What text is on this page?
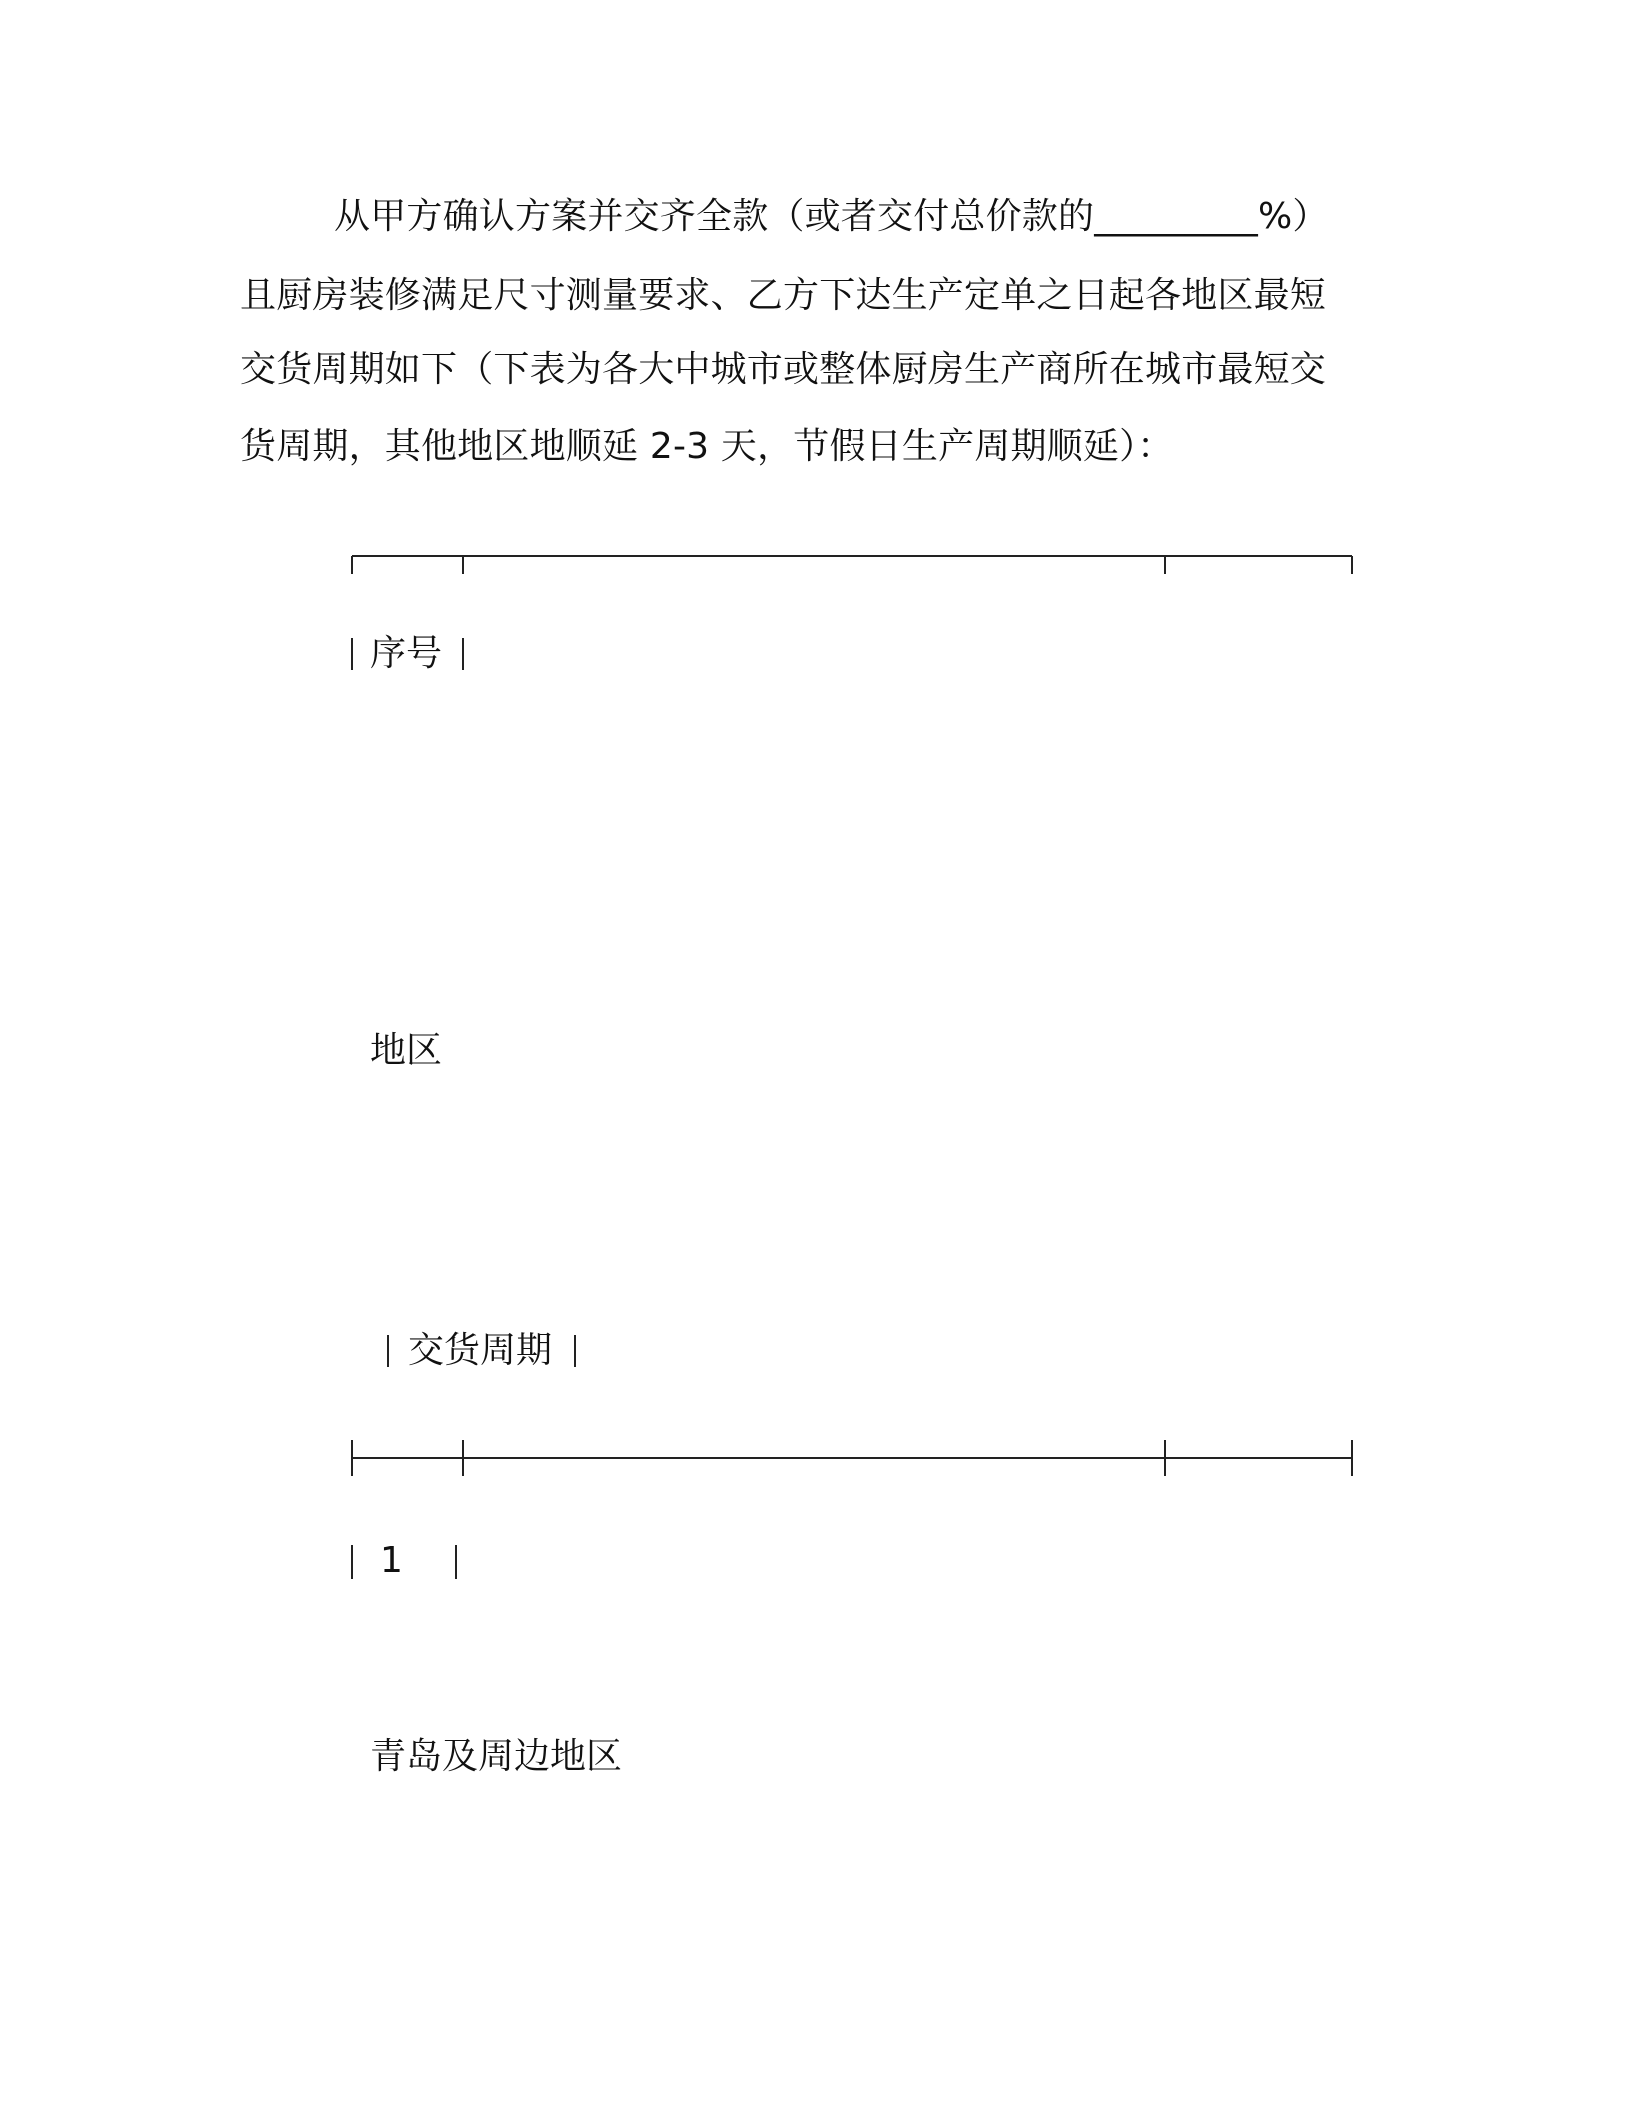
从甲方确认方案并交齐全款（或者交付总价款的_________%）
且厨房装修满足尺寸测量要求、乙方下达生产定单之日起各地区最短
交货周期如下（下表为各大中城市或整体厨房生产商所在城市最短交
货周期，其他地区地顺延 2-3 天，节假日生产周期顺延）：
序号
地区
交货周期
1
青岛及周边地区
